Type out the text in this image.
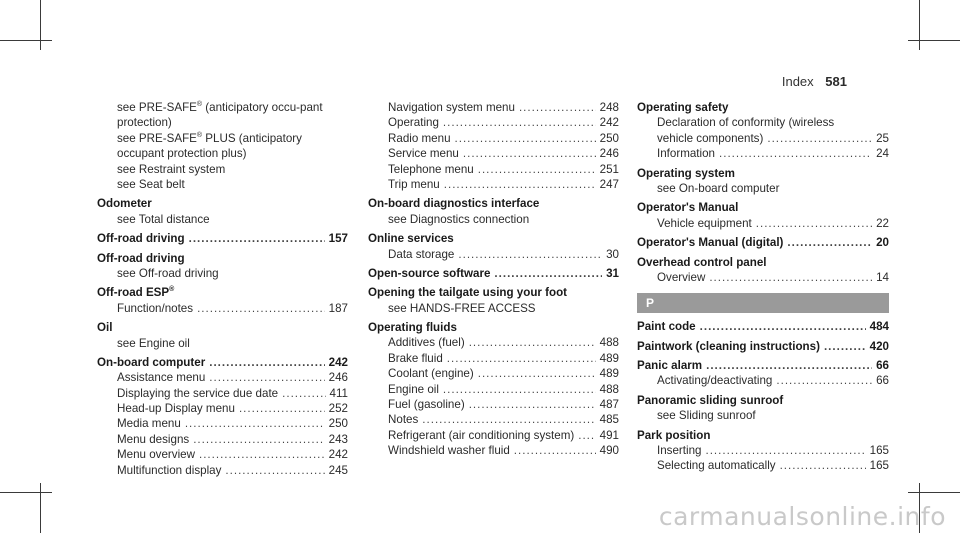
Index 581
see PRE-SAFE® (anticipatory occu-pant protection)
see PRE-SAFE® PLUS (anticipatory occupant protection plus)
see Restraint system
see Seat belt
Odometer
see Total distance
Off-road driving .....	157
Off-road driving
see Off-road driving
Off-road ESP®
Function/notes .....	187
Oil
see Engine oil
On-board computer .....	242
Assistance menu .....	246
Displaying the service due date .....	411
Head-up Display menu .....	252
Media menu .....	250
Menu designs .....	243
Menu overview .....	242
Multifunction display .....	245
Navigation system menu .....	248
Operating .....	242
Radio menu .....	250
Service menu .....	246
Telephone menu .....	251
Trip menu .....	247
On-board diagnostics interface
see Diagnostics connection
Online services
Data storage .....	30
Open-source software .....	31
Opening the tailgate using your foot
see HANDS-FREE ACCESS
Operating fluids
Additives (fuel) .....	488
Brake fluid .....	489
Coolant (engine) .....	489
Engine oil .....	488
Fuel (gasoline) .....	487
Notes .....	485
Refrigerant (air conditioning system) ..... 491
Windshield washer fluid .....	490
Operating safety
Declaration of conformity (wireless
vehicle components) .....	25
Information .....	24
Operating system
see On-board computer
Operator's Manual
Vehicle equipment .....	22
Operator's Manual (digital) .....	20
Overhead control panel
Overview .....	14
P
Paint code .....	484
Paintwork (cleaning instructions) .....	420
Panic alarm .....	66
Activating/deactivating .....	66
Panoramic sliding sunroof
see Sliding sunroof
Park position
Inserting .....	165
Selecting automatically .....	165
carmanualsonline.info
